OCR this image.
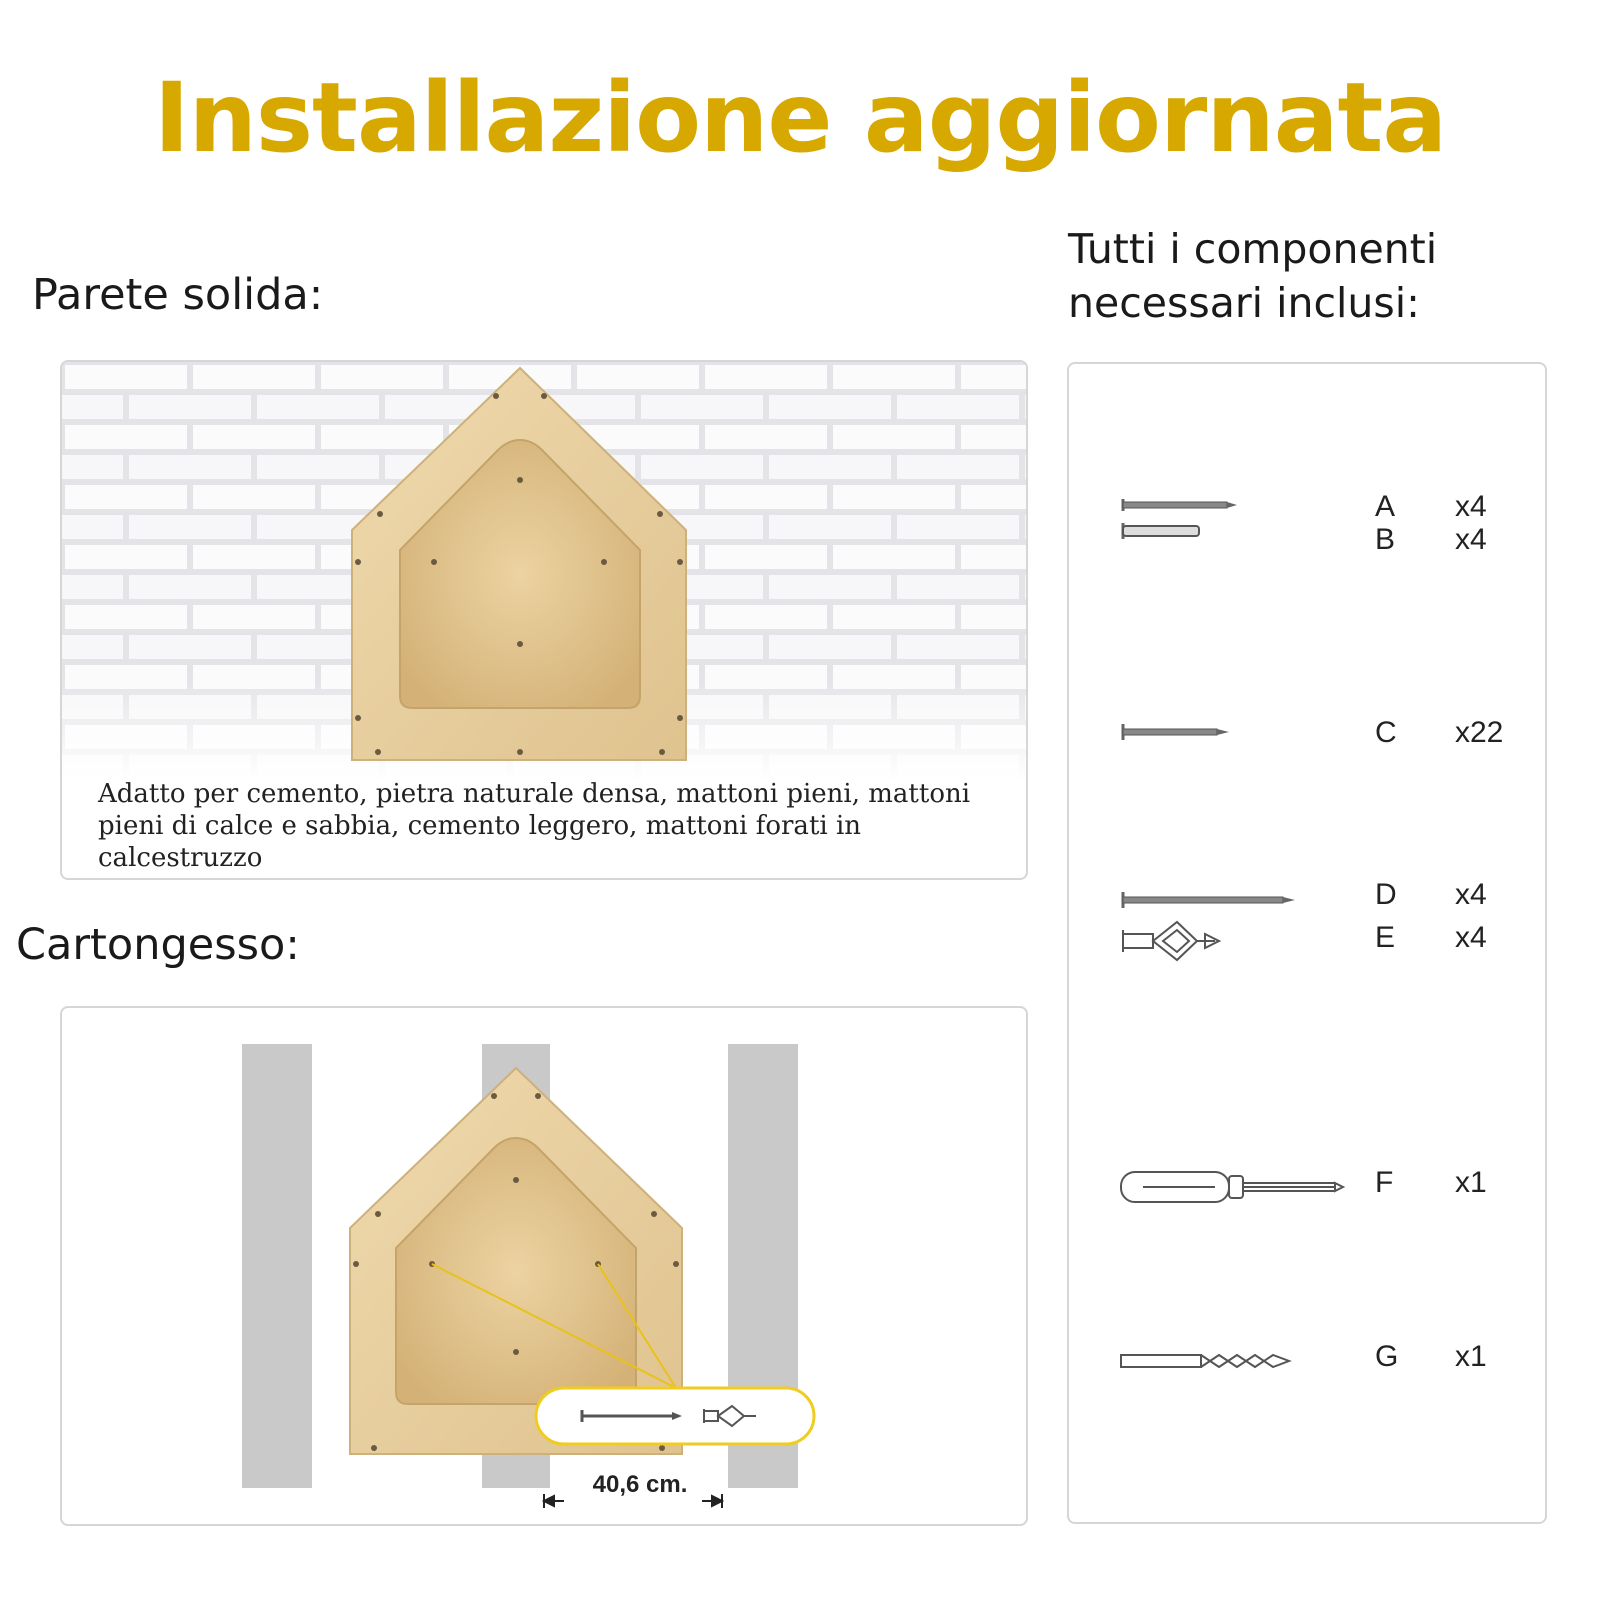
Installazione aggiornata
Parete solida:
Tutti i componenti
necessari inclusi:
Adatto per cemento, pietra naturale densa, mattoni pieni, mattoni pieni di calce e sabbia, cemento leggero, mattoni forati in calcestruzzo
Cartongesso:
40,6 cm.
A x4
B x4
C x22
D x4
E x4
F x1
G x1
